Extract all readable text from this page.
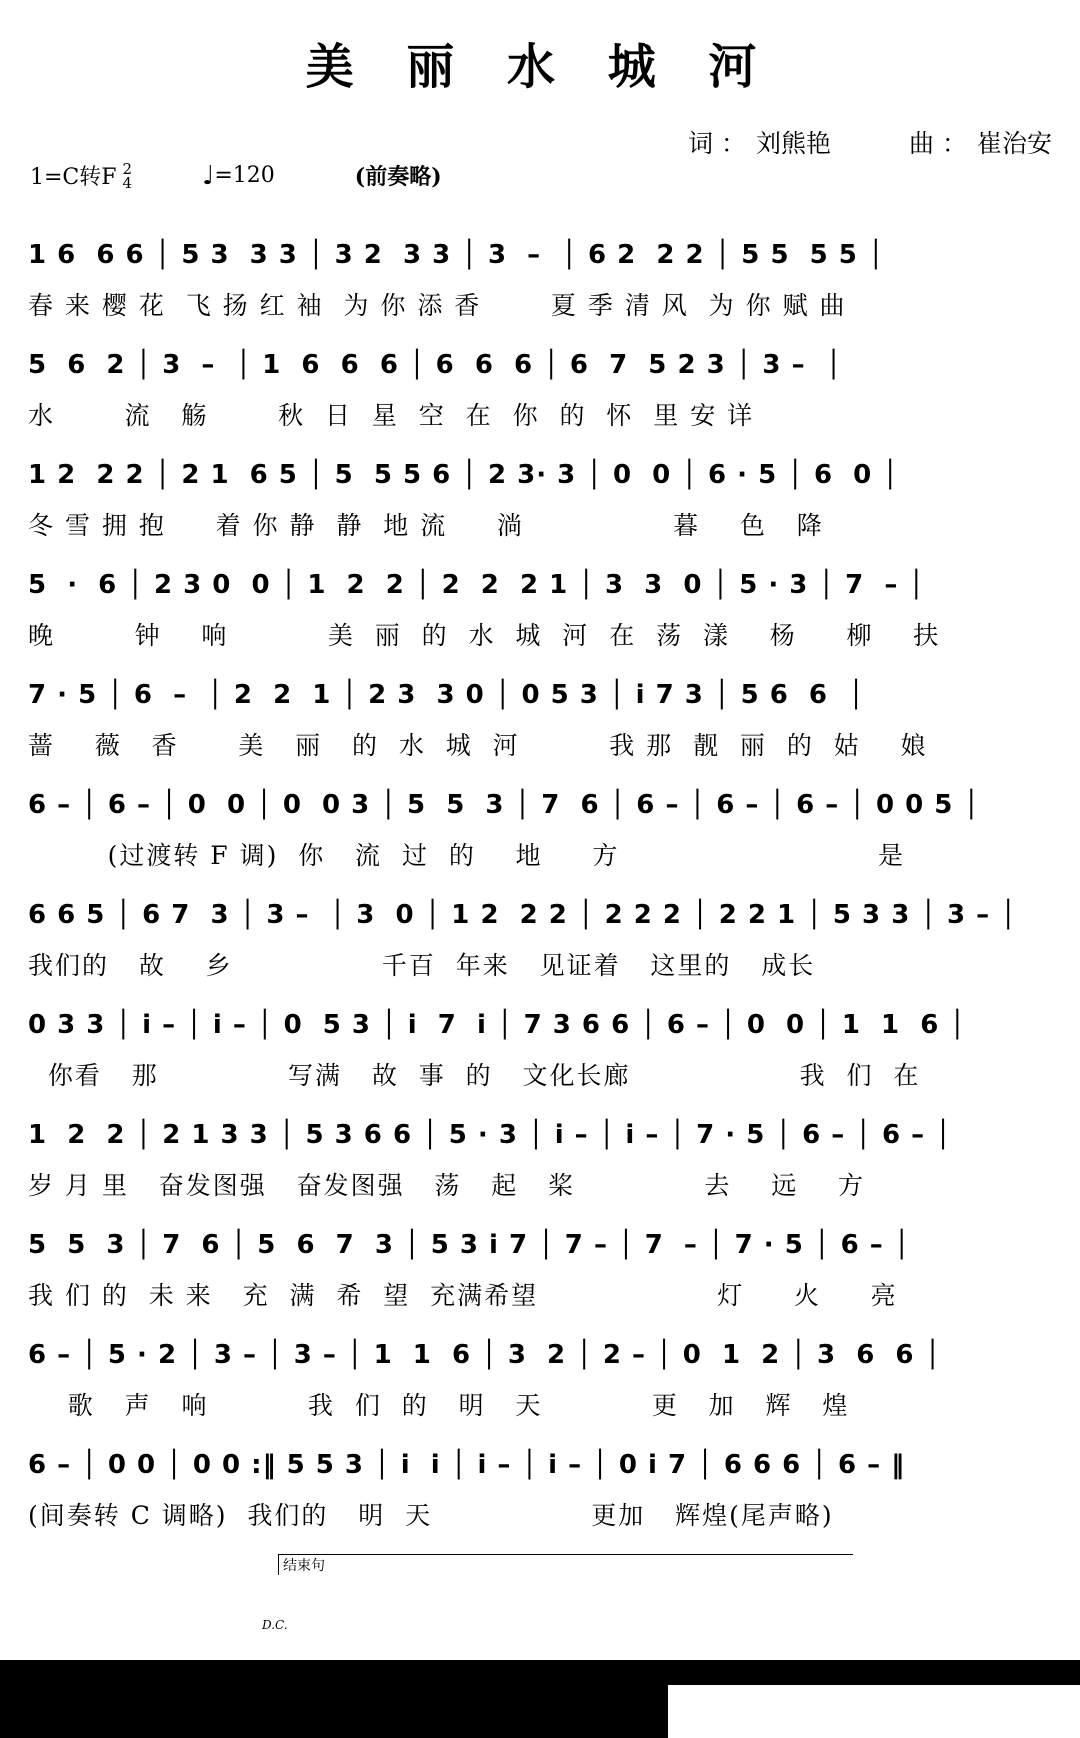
美 丽 水 城 河
词 ： 刘熊艳	曲 ： 崔治安
1=C转F 2
4	♩ =120	(前奏略)
1 6  6 6 │ 5 3  3 3 │ 3 2  3 3 │ 3  –  │ 6 2  2 2 │ 5 5  5 5 │
春 来 樱 花  飞 扬 红 袖  为 你 添 香       夏 季 清 风  为 你 赋 曲
5  6  2 │ 3  –  │ 1  6  6  6 │ 6  6  6 │ 6  7  5 2 3 │ 3 –  │
水       流   觞       秋  日  星  空  在  你  的  怀  里 安 详
1 2  2 2 │ 2 1  6 5 │ 5  5 5 6 │ 2 3· 3 │ 0  0 │ 6 · 5 │ 6  0 │
冬 雪 拥 抱     着 你 静  静  地 流     淌               暮    色   降
5  ·  6 │ 2 3 0  0 │ 1  2  2 │ 2  2  2 1 │ 3  3  0 │ 5 · 3 │ 7  – │
晚        钟    响          美  丽  的  水  城  河  在  荡  漾    杨     柳    扶
7 · 5 │ 6  –  │ 2  2  1 │ 2 3  3 0 │ 0 5 3 │ i 7 3 │ 5 6  6  │
蔷    薇   香      美   丽   的  水  城  河         我 那  靓  丽  的  姑    娘
6 – │ 6 – │ 0  0 │ 0  0 3 │ 5  5  3 │ 7  6 │ 6 – │ 6 – │ 6 – │ 0 0 5 │
(过渡转 F 调)  你   流  过  的    地     方                          是
6 6 5 │ 6 7  3 │ 3 –  │ 3  0 │ 1 2  2 2 │ 2 2 2 │ 2 2 1 │ 5 3 3 │ 3 – │
我们的   故    乡               千百  年来   见证着   这里的   成长
0 3 3 │ i – │ i – │ 0  5 3 │ i  7  i │ 7 3 6 6 │ 6 – │ 0  0 │ 1  1  6 │
你看   那             写满   故  事  的   文化长廊                 我  们  在
1  2  2 │ 2 1 3 3 │ 5 3 6 6 │ 5 · 3 │ i – │ i – │ 7 · 5 │ 6 – │ 6 – │
岁 月 里   奋发图强   奋发图强   荡   起   桨             去    远    方
5  5  3 │ 7  6 │ 5  6  7  3 │ 5 3 i 7 │ 7 – │ 7  – │ 7 · 5 │ 6 – │
我 们 的  未 来   充  满  希  望  充满希望                  灯     火     亮
6 – │ 5 · 2 │ 3 – │ 3 – │ 1  1  6 │ 3  2 │ 2 – │ 0  1  2 │ 3  6  6 │
歌   声   响          我  们  的   明   天           更   加   辉   煌
6 – │ 0 0 │ 0 0 :‖ 5 5 3 │ i  i │ i – │ i – │ 0 i 7 │ 6 6 6 │ 6 – ‖
(间奏转 C 调略)  我们的   明  天                更加   辉煌(尾声略)
结束句
D.C.
